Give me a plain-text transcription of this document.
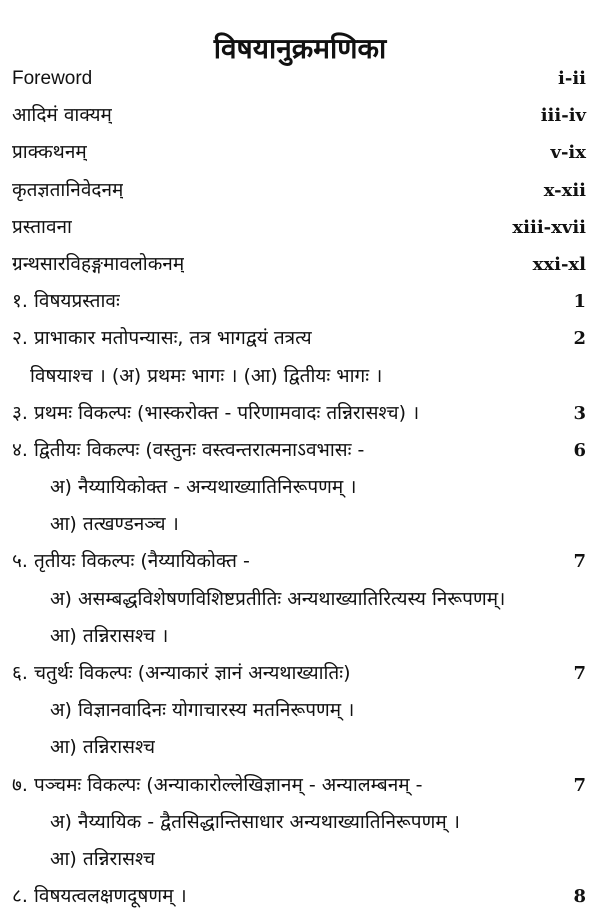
विषयानुक्रमणिका
Foreword	i-ii
आदिमं वाक्यम्	iii-iv
प्राक्कथनम्	v-ix
कृतज्ञतानिवेदनम्	x-xii
प्रस्तावना	xiii-xvii
ग्रन्थसारविहङ्गमावलोकनम्	xxi-xl
१. विषयप्रस्तावः	1
२. प्राभाकार मतोपन्यासः, तत्र भागद्वयं तत्रत्य	2
विषयाश्च । (अ) प्रथमः भागः । (आ) द्वितीयः भागः ।
३. प्रथमः विकल्पः (भास्करोक्त - परिणामवादः तन्निरासश्च) ।	3
४. द्वितीयः विकल्पः (वस्तुनः वस्त्वन्तरात्मनाऽवभासः -	6
अ) नैय्यायिकोक्त - अन्यथाख्यातिनिरूपणम् ।
आ) तत्खण्डनञ्च ।
५. तृतीयः विकल्पः (नैय्यायिकोक्त -	7
अ) असम्बद्धविशेषणविशिष्टप्रतीतिः अन्यथाख्यातिरित्यस्य निरूपणम्।
आ) तन्निरासश्च ।
६. चतुर्थः विकल्पः (अन्याकारं ज्ञानं अन्यथाख्यातिः)	7
अ) विज्ञानवादिनः योगाचारस्य मतनिरूपणम् ।
आ) तन्निरासश्च
७. पञ्चमः विकल्पः (अन्याकारोल्लेखिज्ञानम् - अन्यालम्बनम् -	7
अ) नैय्यायिक - द्वैतसिद्धान्तिसाधार अन्यथाख्यातिनिरूपणम् ।
आ) तन्निरासश्च
८. विषयत्वलक्षणदूषणम् ।	8
